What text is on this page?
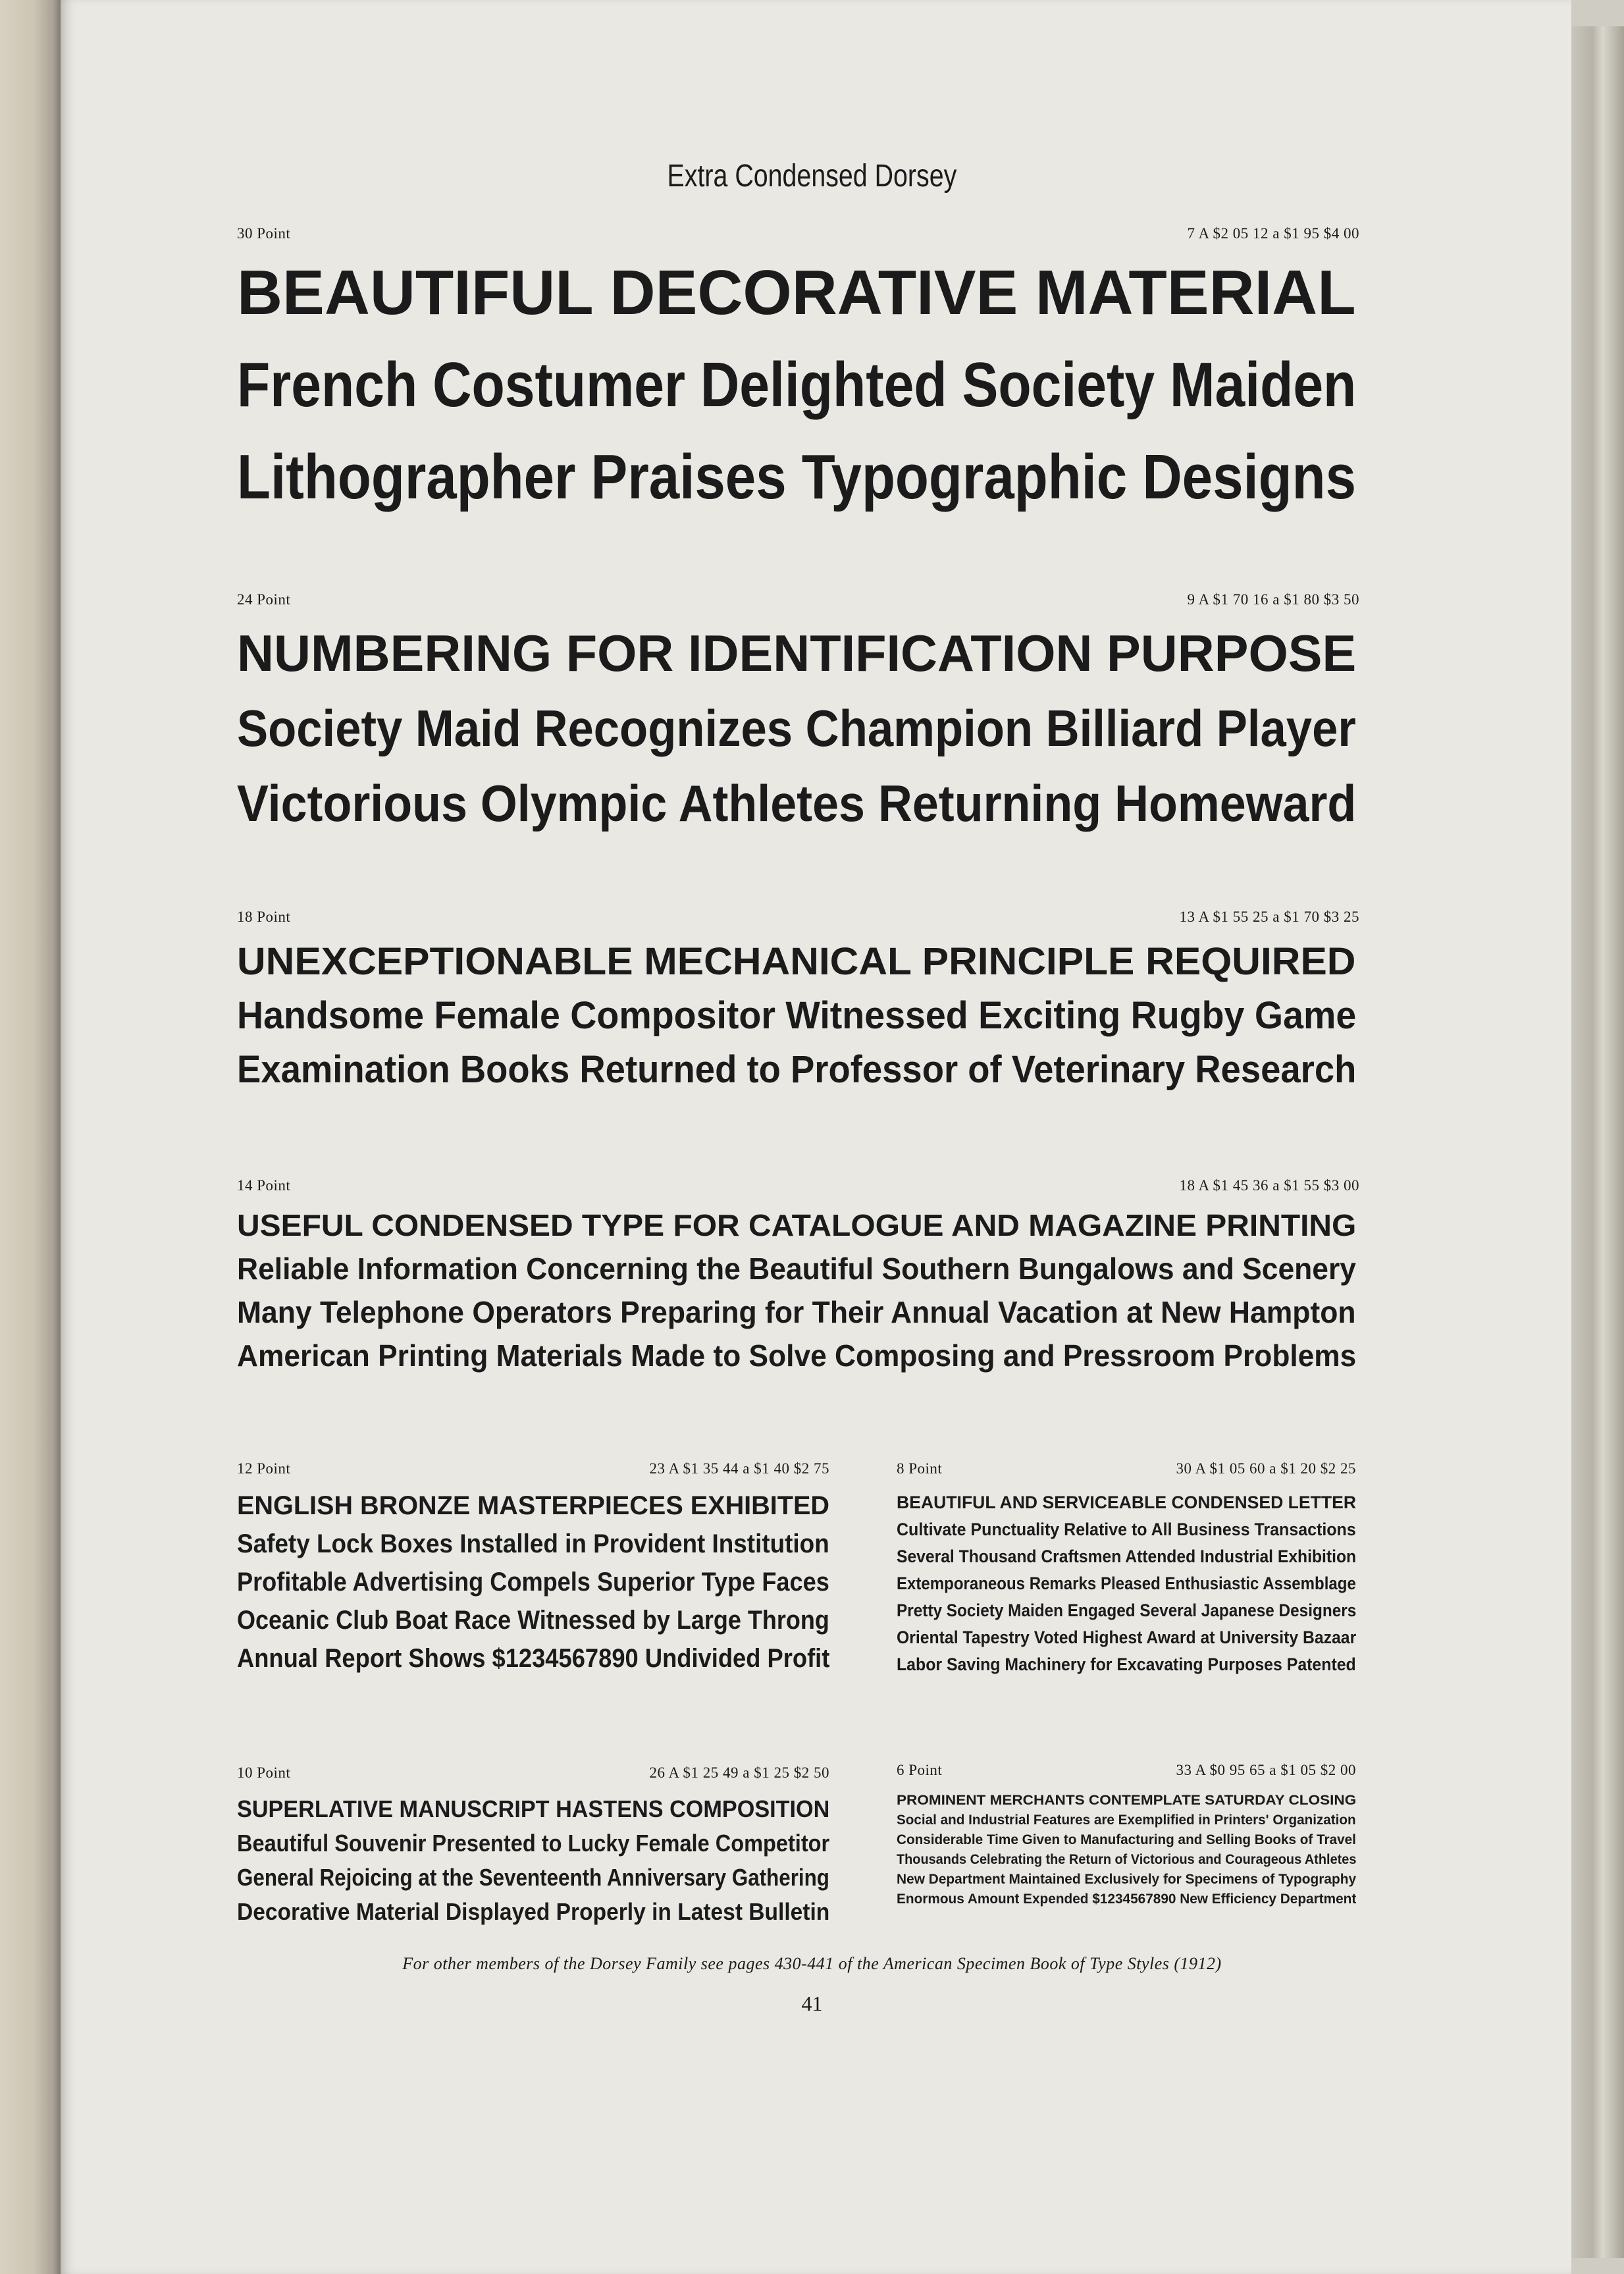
Extra Condensed Dorsey
30 Point	7 A $2 05 12 a $1 95 $4 00
BEAUTIFUL DECORATIVE MATERIAL
French Costumer Delighted Society Maiden
Lithographer Praises Typographic Designs
24 Point	9 A $1 70 16 a $1 80 $3 50
NUMBERING FOR IDENTIFICATION PURPOSE
Society Maid Recognizes Champion Billiard Player
Victorious Olympic Athletes Returning Homeward
18 Point	13 A $1 55 25 a $1 70 $3 25
UNEXCEPTIONABLE MECHANICAL PRINCIPLE REQUIRED
Handsome Female Compositor Witnessed Exciting Rugby Game
Examination Books Returned to Professor of Veterinary Research
14 Point	18 A $1 45 36 a $1 55 $3 00
USEFUL CONDENSED TYPE FOR CATALOGUE AND MAGAZINE PRINTING
Reliable Information Concerning the Beautiful Southern Bungalows and Scenery
Many Telephone Operators Preparing for Their Annual Vacation at New Hampton
American Printing Materials Made to Solve Composing and Pressroom Problems
12 Point	23 A $1 35 44 a $1 40 $2 75
ENGLISH BRONZE MASTERPIECES EXHIBITED
Safety Lock Boxes Installed in Provident Institution
Profitable Advertising Compels Superior Type Faces
Oceanic Club Boat Race Witnessed by Large Throng
Annual Report Shows $1234567890 Undivided Profit
8 Point	30 A $1 05 60 a $1 20 $2 25
BEAUTIFUL AND SERVICEABLE CONDENSED LETTER
Cultivate Punctuality Relative to All Business Transactions
Several Thousand Craftsmen Attended Industrial Exhibition
Extemporaneous Remarks Pleased Enthusiastic Assemblage
Pretty Society Maiden Engaged Several Japanese Designers
Oriental Tapestry Voted Highest Award at University Bazaar
Labor Saving Machinery for Excavating Purposes Patented
10 Point	26 A $1 25 49 a $1 25 $2 50
SUPERLATIVE MANUSCRIPT HASTENS COMPOSITION
Beautiful Souvenir Presented to Lucky Female Competitor
General Rejoicing at the Seventeenth Anniversary Gathering
Decorative Material Displayed Properly in Latest Bulletin
6 Point	33 A $0 95 65 a $1 05 $2 00
PROMINENT MERCHANTS CONTEMPLATE SATURDAY CLOSING
Social and Industrial Features are Exemplified in Printers' Organization
Considerable Time Given to Manufacturing and Selling Books of Travel
Thousands Celebrating the Return of Victorious and Courageous Athletes
New Department Maintained Exclusively for Specimens of Typography
Enormous Amount Expended $1234567890 New Efficiency Department
For other members of the Dorsey Family see pages 430-441 of the American Specimen Book of Type Styles (1912)
41
